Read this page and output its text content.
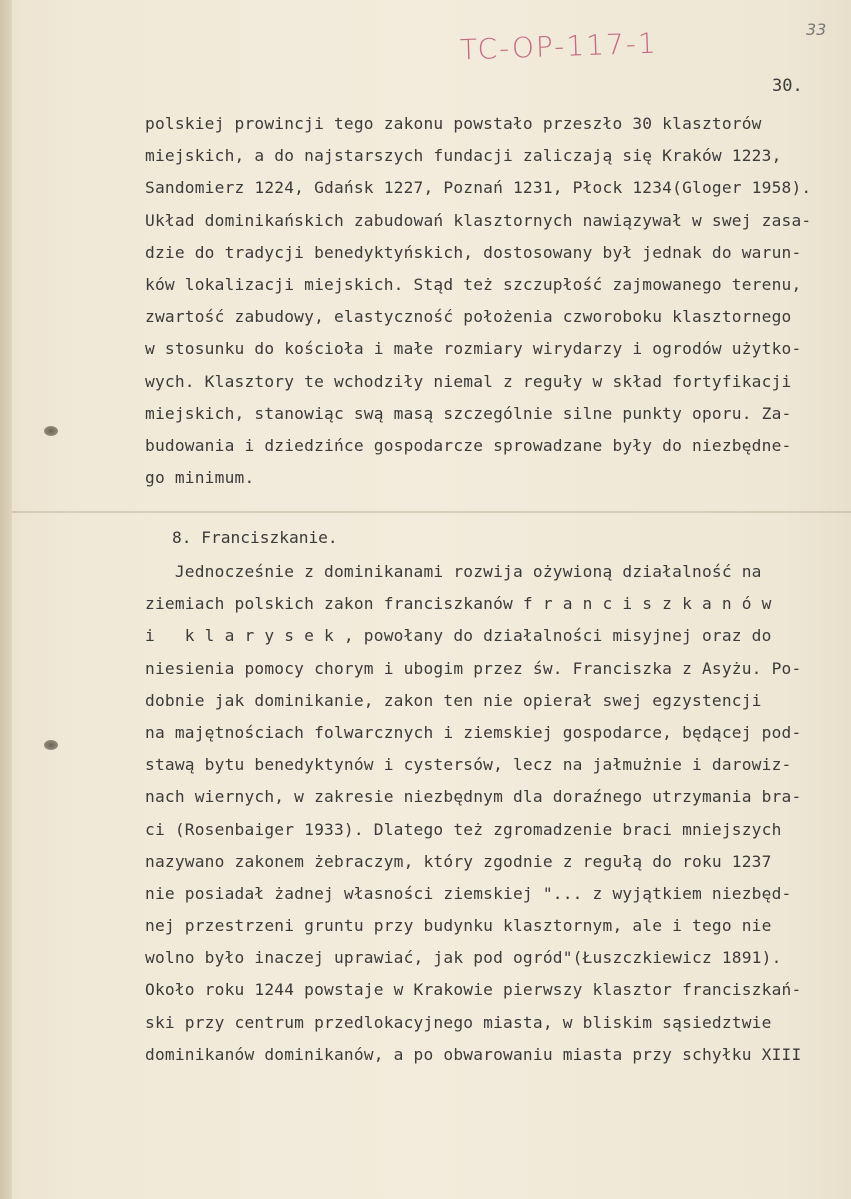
TC-OP-117-1	33
30.
polskiej prowincji tego zakonu powstało przeszło 30 klasztorów
miejskich, a do najstarszych fundacji zaliczają się Kraków 1223,
Sandomierz 1224, Gdańsk 1227, Poznań 1231, Płock 1234(Gloger 1958).
Układ dominikańskich zabudowań klasztornych nawiązywał w swej zasa-
dzie do tradycji benedyktyńskich, dostosowany był jednak do warun-
ków lokalizacji miejskich. Stąd też szczupłość zajmowanego terenu,
zwartość zabudowy, elastyczność położenia czworoboku klasztornego
w stosunku do kościoła i małe rozmiary wirydarzy i ogrodów użytko-
wych. Klasztory te wchodziły niemal z reguły w skład fortyfikacji
miejskich, stanowiąc swą masą szczególnie silne punkty oporu. Za-
budowania i dziedzińce gospodarcze sprowadzane były do niezbędne-
go minimum.
8. Franciszkanie.
Jednocześnie z dominikanami rozwija ożywioną działalność na
ziemiach polskich zakon franciszkanów f r a n c i s z k a n ó w
i   k l a r y s e k , powołany do działalności misyjnej oraz do
niesienia pomocy chorym i ubogim przez św. Franciszka z Asyżu. Po-
dobnie jak dominikanie, zakon ten nie opierał swej egzystencji
na majętnościach folwarcznych i ziemskiej gospodarce, będącej pod-
stawą bytu benedyktynów i cystersów, lecz na jałmużnie i darowiz-
nach wiernych, w zakresie niezbędnym dla doraźnego utrzymania bra-
ci (Rosenbaiger 1933). Dlatego też zgromadzenie braci mniejszych
nazywano zakonem żebraczym, który zgodnie z regułą do roku 1237
nie posiadał żadnej własności ziemskiej "... z wyjątkiem niezbęd-
nej przestrzeni gruntu przy budynku klasztornym, ale i tego nie
wolno było inaczej uprawiać, jak pod ogród"(Łuszczkiewicz 1891).
Około roku 1244 powstaje w Krakowie pierwszy klasztor franciszkań-
ski przy centrum przedlokacyjnego miasta, w bliskim sąsiedztwie
dominikanów dominikanów, a po obwarowaniu miasta przy schyłku XIII
